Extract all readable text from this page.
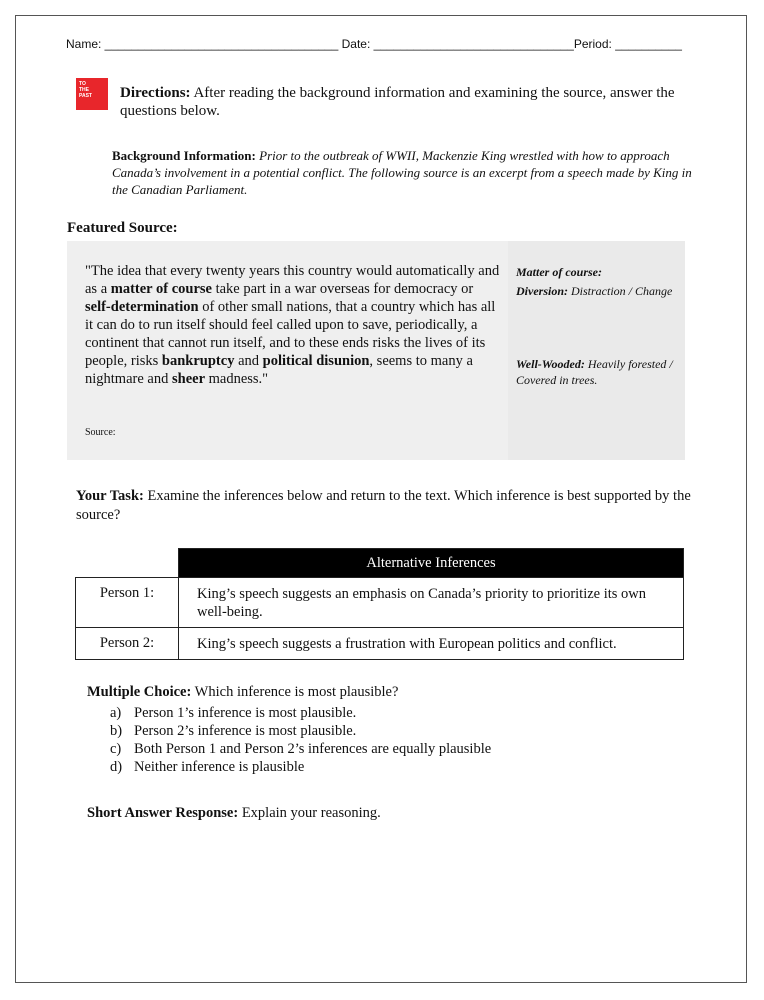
Name: ___________________________________ Date: ______________________________Period: __________
TO
THE
PAST	Directions: After reading the background information and examining the source, answer the questions below.
Background Information: Prior to the outbreak of WWII, Mackenzie King wrestled with how to approach Canada’s involvement in a potential conflict. The following source is an excerpt from a speech made by King in the Canadian Parliament.
Featured Source:
"The idea that every twenty years this country would automatically and as a matter of course take part in a war overseas for democracy or self-determination of other small nations, that a country which has all it can do to run itself should feel called upon to save, periodically, a continent that cannot run itself, and to these ends risks the lives of its people, risks bankruptcy and political disunion, seems to many a nightmare and sheer madness."
Source:
Matter of course:
Diversion: Distraction / Change
Well-Wooded: Heavily forested / Covered in trees.
Your Task: Examine the inferences below and return to the text. Which inference is best supported by the source?
	Alternative Inferences
Person 1:	King’s speech suggests an emphasis on Canada’s priority to prioritize its own well-being.
Person 2:	King’s speech suggests a frustration with European politics and conflict.
Multiple Choice: Which inference is most plausible?
a) Person 1’s inference is most plausible.
b) Person 2’s inference is most plausible.
c) Both Person 1 and Person 2’s inferences are equally plausible
d) Neither inference is plausible
Short Answer Response: Explain your reasoning.
